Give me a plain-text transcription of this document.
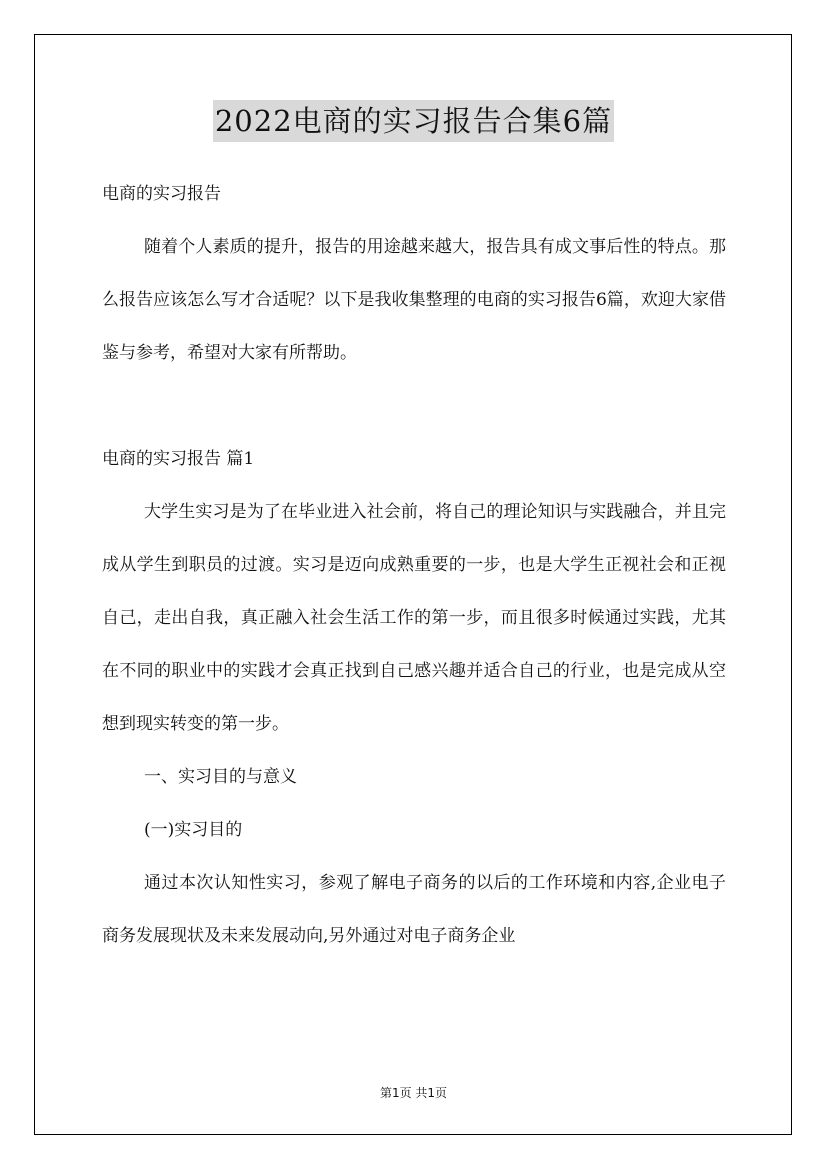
2022电商的实习报告合集6篇

电商的实习报告

随着个人素质的提升，报告的用途越来越大，报告具有成文事后性的特点。那么报告应该怎么写才合适呢？以下是我收集整理的电商的实习报告6篇，欢迎大家借鉴与参考，希望对大家有所帮助。

电商的实习报告 篇1

大学生实习是为了在毕业进入社会前，将自己的理论知识与实践融合，并且完成从学生到职员的过渡。实习是迈向成熟重要的一步，也是大学生正视社会和正视自己，走出自我，真正融入社会生活工作的第一步，而且很多时候通过实践，尤其在不同的职业中的实践才会真正找到自己感兴趣并适合自己的行业，也是完成从空想到现实转变的第一步。

一、实习目的与意义

(一)实习目的

通过本次认知性实习，参观了解电子商务的以后的工作环境和内容,企业电子商务发展现状及未来发展动向,另外通过对电子商务企业

第1页 共1页
